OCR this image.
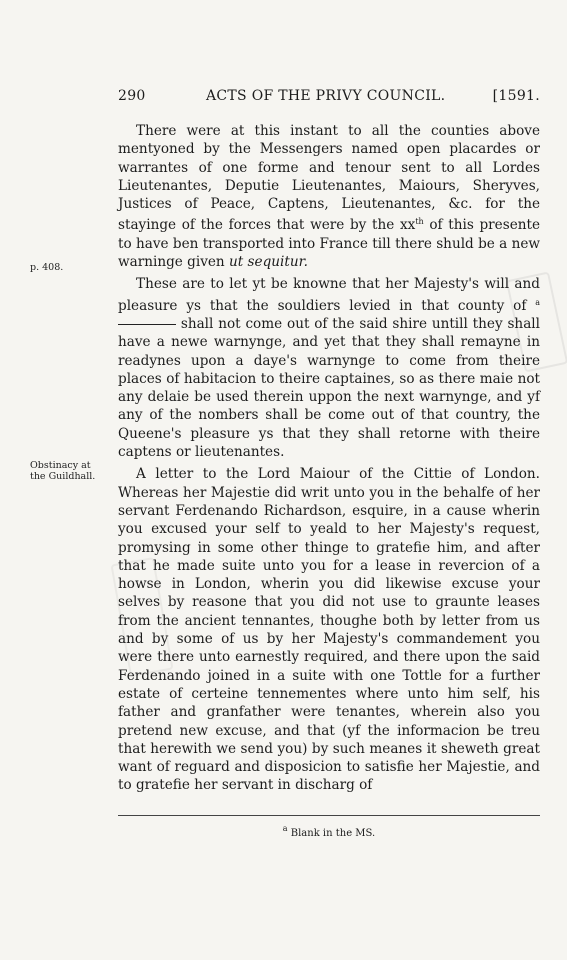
290	ACTS OF THE PRIVY COUNCIL.	[1591.
p. 408.
Obstinacy at
the Guildhall.
There were at this instant to all the counties above mentyoned by the Messengers named open placardes or warrantes of one forme and tenour sent to all Lordes Lieutenantes, Deputie Lieutenantes, Maiours, Sheryves, Justices of Peace, Captens, Lieutenantes, &c. for the stayinge of the forces that were by the $xx^{th}$ of this presente to have ben transported into France till there shuld be a new warninge given ut sequitur.
These are to let yt be knowne that her Majesty's will and pleasure ys that the souldiers levied in that county of $^a$ shall not come out of the said shire untill they shall have a newe warnynge, and yet that they shall remayne in readynes upon a daye's warnynge to come from theire places of habitacion to theire captaines, so as there maie not any delaie be used therein uppon the next warnynge, and yf any of the nombers shall be come out of that country, the Queene's pleasure ys that they shall retorne with theire captens or lieutenantes.
A letter to the Lord Maiour of the Cittie of London. Whereas her Majestie did writ unto you in the behalfe of her servant Ferdenando Richardson, esquire, in a cause wherin you excused your self to yeald to her Majesty's request, promysing in some other thinge to gratefie him, and after that he made suite unto you for a lease in revercion of a howse in London, wherin you did likewise excuse your selves by reasone that you did not use to graunte leases from the ancient tennantes, thoughe both by letter from us and by some of us by her Majesty's commandement you were there unto earnestly required, and there upon the said Ferdenando joined in a suite with one Tottle for a further estate of certeine tennementes where unto him self, his father and granfather were tenantes, wherein also you pretend new excuse, and that (yf the informacion be treu that herewith we send you) by such meanes it sheweth great want of reguard and disposicion to satisfie her Majestie, and to gratefie her servant in discharg of
$^a$ Blank in the MS.
